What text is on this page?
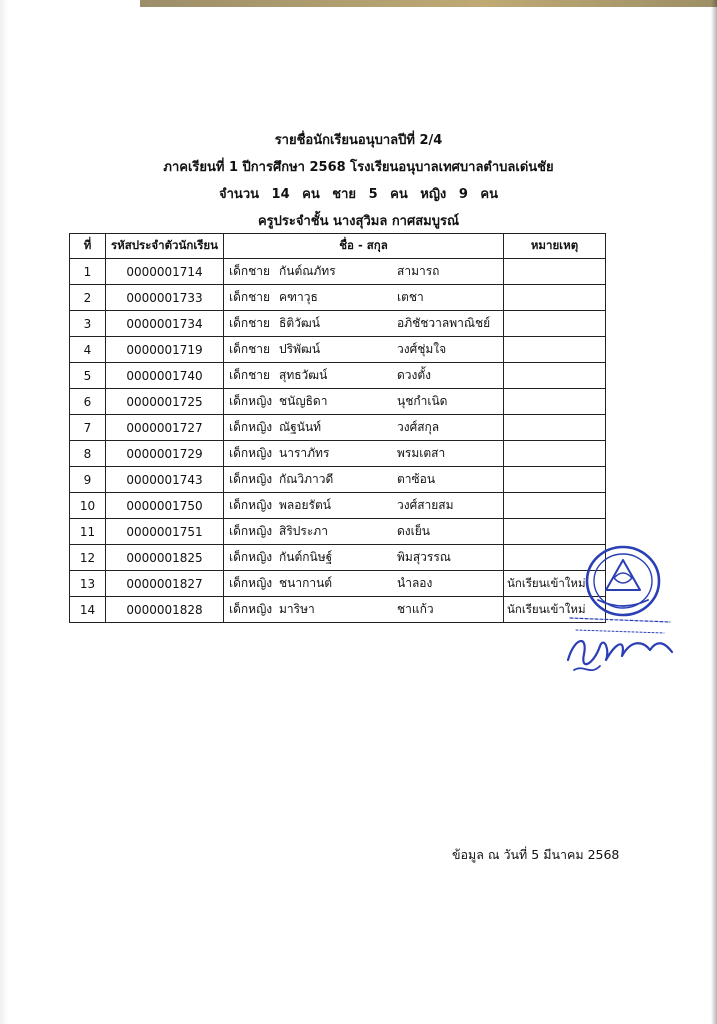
รายชื่อนักเรียนอนุบาลปีที่ 2/4
ภาคเรียนที่ 1 ปีการศึกษา 2568 โรงเรียนอนุบาลเทศบาลตำบลเด่นชัย
จำนวน 14 คน ชาย 5 คน หญิง 9 คน
ครูประจำชั้น นางสุวิมล กาศสมบูรณ์
ที่	รหัสประจำตัวนักเรียน	ชื่อ - สกุล	หมายเหตุ
1	0000001714	เด็กชาย กันต์ณภัทร สามารถ	

2	0000001733	เด็กชาย คฑาวุธ เตชา	

3	0000001734	เด็กชาย ธิติวัฒน์ อภิชัชวาลพาณิชย์	

4	0000001719	เด็กชาย ปริพัฒน์ วงศ์ชุ่มใจ	

5	0000001740	เด็กชาย สุทธวัฒน์ ดวงตั้ง	

6	0000001725	เด็กหญิง ชนัญธิดา นุชกำเนิด	

7	0000001727	เด็กหญิง ณัฐนันท์ วงศ์สกุล	

8	0000001729	เด็กหญิง นาราภัทร พรมเตสา	

9	0000001743	เด็กหญิง กัณวิภาวดี ตาซ้อน	

10	0000001750	เด็กหญิง พลอยรัตน์ วงศ์สายสม	

11	0000001751	เด็กหญิง สิริประภา ดงเย็น	

12	0000001825	เด็กหญิง กันต์กนิษฐ์ พิมสุวรรณ	

13	0000001827	เด็กหญิง ชนากานต์ นำลอง	นักเรียนเข้าใหม่
14	0000001828	เด็กหญิง มาริษา ชาแก้ว	นักเรียนเข้าใหม่
ข้อมูล ณ วันที่ 5 มีนาคม 2568
